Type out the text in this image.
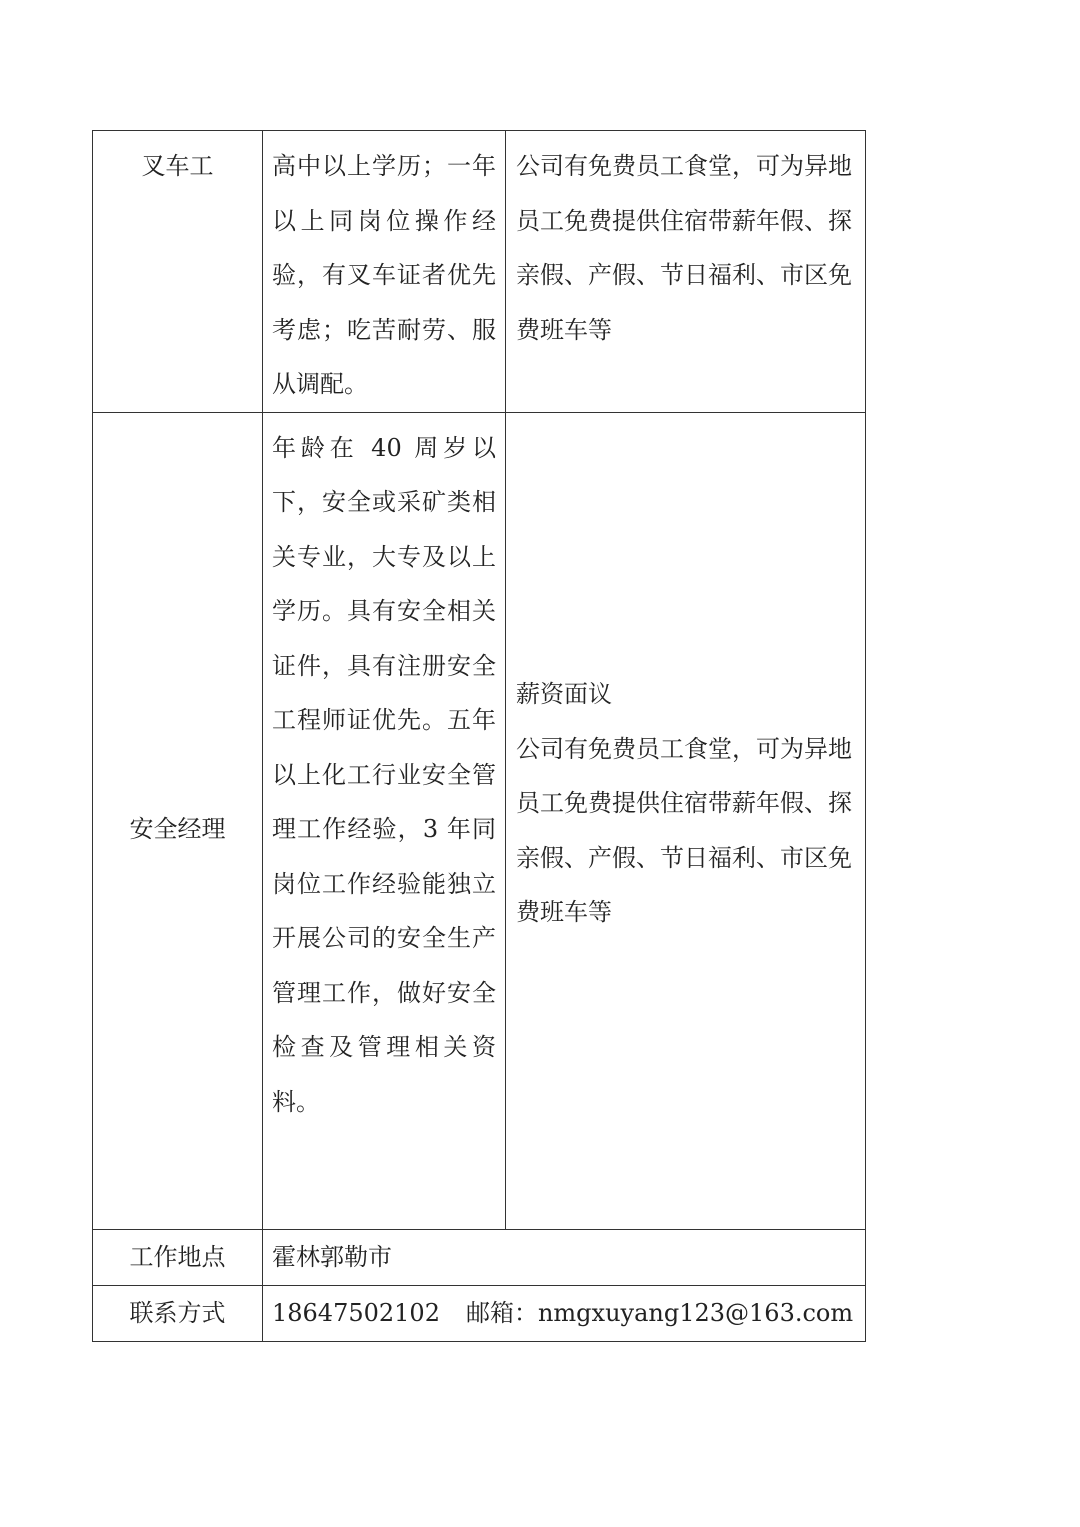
叉车工	高中以上学历；一年以上同岗位操作经验，有叉车证者优先考虑；吃苦耐劳、服从调配。	公司有免费员工食堂，可为异地员工免费提供住宿带薪年假、探亲假、产假、节日福利、市区免费班车等

安全经理	年龄在 40 周岁以下，安全或采矿类相关专业，大专及以上学历。具有安全相关证件，具有注册安全工程师证优先。五年以上化工行业安全管理工作经验，3 年同岗位工作经验能独立开展公司的安全生产管理工作，做好安全检查及管理相关资料。	薪资面议
公司有免费员工食堂，可为异地员工免费提供住宿带薪年假、探亲假、产假、节日福利、市区免费班车等

工作地点	霍林郭勒市	
联系方式	18647502102 邮箱：nmgxuyang123@163.com	
